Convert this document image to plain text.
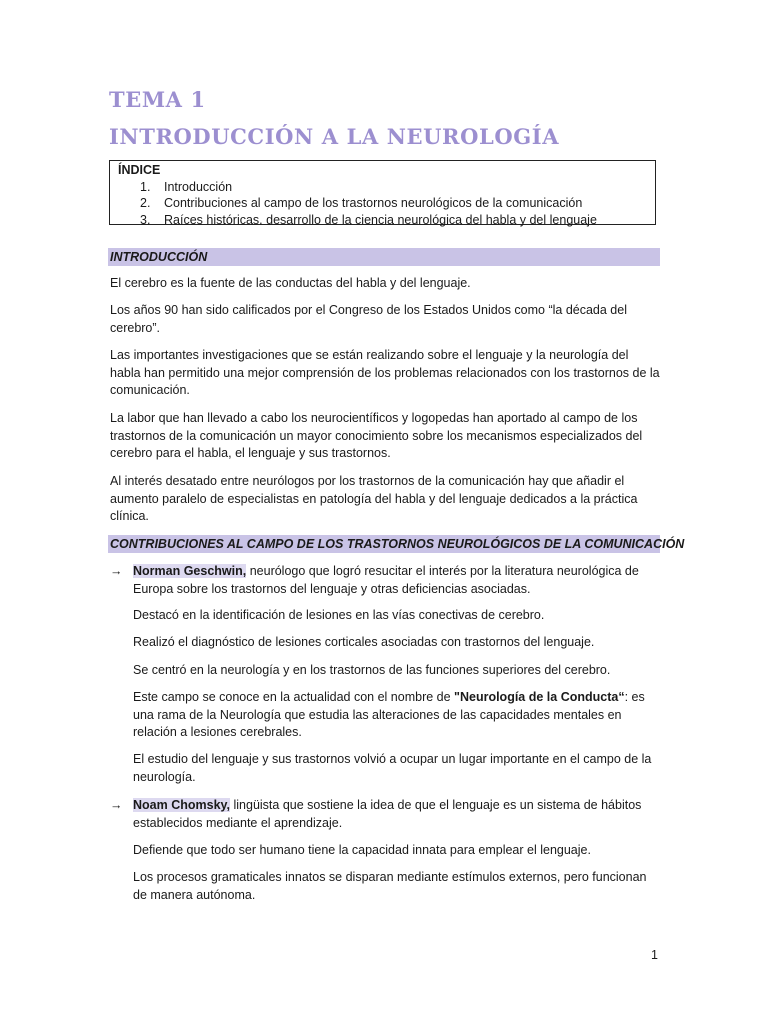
TEMA 1
INTRODUCCIÓN A LA NEUROLOGÍA
ÍNDICE
1. Introducción
2. Contribuciones al campo de los trastornos neurológicos de la comunicación
3. Raíces históricas. desarrollo de la ciencia neurológica del habla y del lenguaje
INTRODUCCIÓN
El cerebro es la fuente de las conductas del habla y del lenguaje.
Los años 90 han sido calificados por el Congreso de los Estados Unidos como “la década del cerebro”.
Las importantes investigaciones que se están realizando sobre el lenguaje y la neurología del habla han permitido una mejor comprensión de los problemas relacionados con los trastornos de la comunicación.
La labor que han llevado a cabo los neurocientíficos y logopedas han aportado al campo de los trastornos de la comunicación un mayor conocimiento sobre los mecanismos especializados del cerebro para el habla, el lenguaje y sus trastornos.
Al interés desatado entre neurólogos por los trastornos de la comunicación hay que añadir el aumento paralelo de especialistas en patología del habla y del lenguaje dedicados a la práctica clínica.
CONTRIBUCIONES AL CAMPO DE LOS TRASTORNOS NEUROLÓGICOS DE LA COMUNICACIÓN
→ Norman Geschwin, neurólogo que logró resucitar el interés por la literatura neurológica de Europa sobre los trastornos del lenguaje y otras deficiencias asociadas.
Destacó en la identificación de lesiones en las vías conectivas de cerebro.
Realizó el diagnóstico de lesiones corticales asociadas con trastornos del lenguaje.
Se centró en la neurología y en los trastornos de las funciones superiores del cerebro.
Este campo se conoce en la actualidad con el nombre de "Neurología de la Conducta“: es una rama de la Neurología que estudia las alteraciones de las capacidades mentales en relación a lesiones cerebrales.
El estudio del lenguaje y sus trastornos volvió a ocupar un lugar importante en el campo de la neurología.
→ Noam Chomsky, lingüista que sostiene la idea de que el lenguaje es un sistema de hábitos establecidos mediante el aprendizaje.
Defiende que todo ser humano tiene la capacidad innata para emplear el lenguaje.
Los procesos gramaticales innatos se disparan mediante estímulos externos, pero funcionan de manera autónoma.
1
